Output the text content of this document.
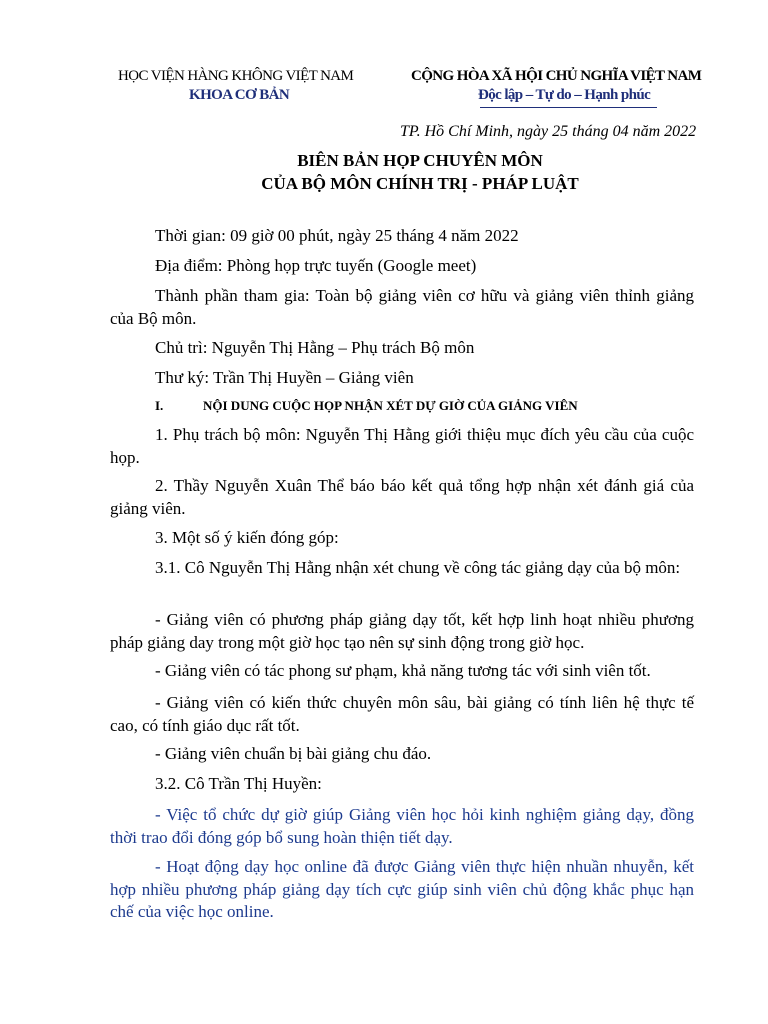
HỌC VIỆN HÀNG KHÔNG VIỆT NAM
KHOA CƠ BẢN
CỘNG HÒA XÃ HỘI CHỦ NGHĨA VIỆT NAM
Độc lập – Tự do – Hạnh phúc
TP. Hồ Chí Minh, ngày 25 tháng 04 năm 2022
BIÊN BẢN HỌP CHUYÊN MÔN
CỦA BỘ MÔN CHÍNH TRỊ - PHÁP LUẬT
Thời gian: 09 giờ 00 phút, ngày 25 tháng 4 năm 2022
Địa điểm: Phòng họp trực tuyến (Google meet)
Thành phần tham gia: Toàn bộ giảng viên cơ hữu và giảng viên thỉnh giảng của Bộ môn.
Chủ trì: Nguyễn Thị Hằng – Phụ trách Bộ môn
Thư ký: Trần Thị Huyền – Giảng viên
I.	NỘI DUNG CUỘC HỌP NHẬN XÉT DỰ GIỜ CỦA GIẢNG VIÊN
1. Phụ trách bộ môn: Nguyễn Thị Hằng giới thiệu mục đích yêu cầu của cuộc họp.
2. Thầy Nguyễn Xuân Thể báo báo kết quả tổng hợp nhận xét đánh giá của giảng viên.
3. Một số ý kiến đóng góp:
3.1. Cô Nguyễn Thị Hằng nhận xét chung về công tác giảng dạy của bộ môn:
- Giảng viên có phương pháp giảng dạy tốt, kết hợp linh hoạt nhiều phương pháp giảng day trong một giờ học tạo nên sự sinh động trong giờ học.
- Giảng viên có tác phong sư phạm, khả năng tương tác với sinh viên tốt.
- Giảng viên có kiến thức chuyên môn sâu, bài giảng có tính liên hệ thực tế cao, có tính giáo dục rất tốt.
- Giảng viên chuẩn bị bài giảng chu đáo.
3.2. Cô Trần Thị Huyền:
- Việc tổ chức dự giờ giúp Giảng viên học hỏi kinh nghiệm giảng dạy, đồng thời trao đổi đóng góp bổ sung hoàn thiện tiết dạy.
- Hoạt động dạy học online đã được Giảng viên thực hiện nhuần nhuyễn, kết hợp nhiều phương pháp giảng dạy tích cực giúp sinh viên chủ động khắc phục hạn chế của việc học online.
